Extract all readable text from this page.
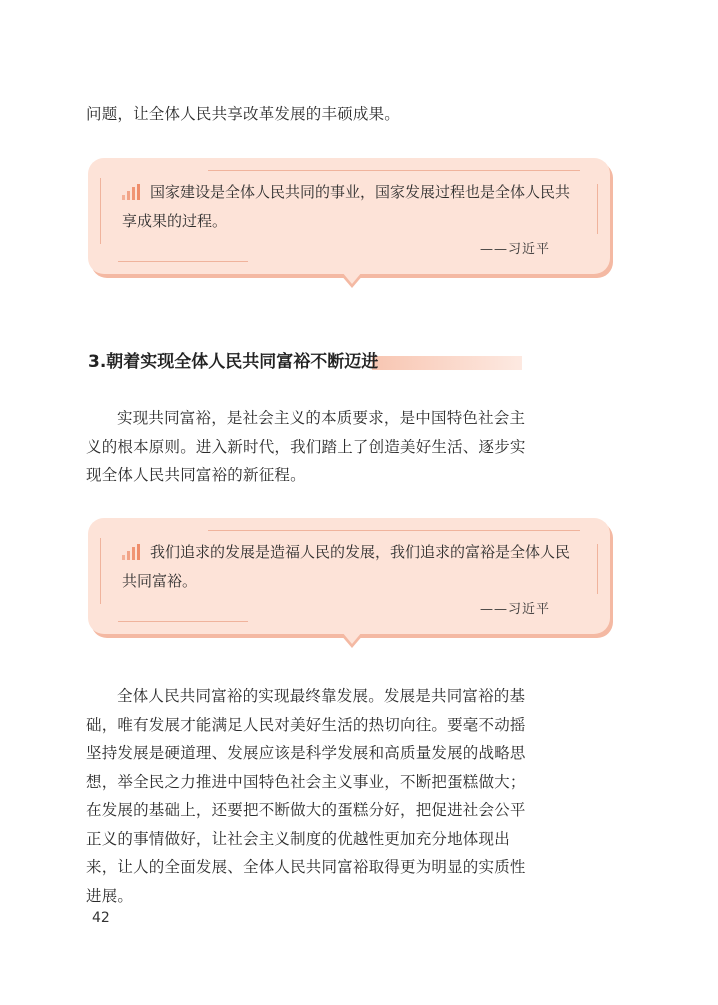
问题，让全体人民共享改革发展的丰硕成果。

国家建设是全体人民共同的事业，国家发展过程也是全体人民共享成果的过程。
——习近平
3.朝着实现全体人民共同富裕不断迈进

实现共同富裕，是社会主义的本质要求，是中国特色社会主义的根本原则。进入新时代，我们踏上了创造美好生活、逐步实现全体人民共同富裕的新征程。

我们追求的发展是造福人民的发展，我们追求的富裕是全体人民共同富裕。
——习近平

全体人民共同富裕的实现最终靠发展。发展是共同富裕的基础，唯有发展才能满足人民对美好生活的热切向往。要毫不动摇坚持发展是硬道理、发展应该是科学发展和高质量发展的战略思想，举全民之力推进中国特色社会主义事业，不断把蛋糕做大；在发展的基础上，还要把不断做大的蛋糕分好，把促进社会公平正义的事情做好，让社会主义制度的优越性更加充分地体现出来，让人的全面发展、全体人民共同富裕取得更为明显的实质性进展。

42
